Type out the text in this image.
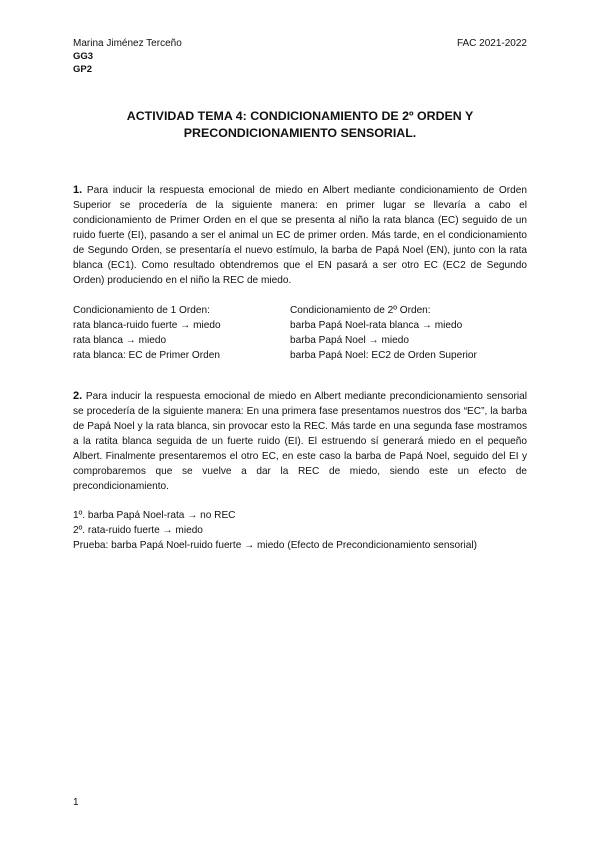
Marina Jiménez Terceño
GG3
GP2
FAC 2021-2022
ACTIVIDAD TEMA 4: CONDICIONAMIENTO DE 2º ORDEN Y
PRECONDICIONAMIENTO SENSORIAL.

1. Para inducir la respuesta emocional de miedo en Albert mediante condicionamiento de Orden Superior se procedería de la siguiente manera: en primer lugar se llevaría a cabo el condicionamiento de Primer Orden en el que se presenta al niño la rata blanca (EC) seguido de un ruido fuerte (EI), pasando a ser el animal un EC de primer orden. Más tarde, en el condicionamiento de Segundo Orden, se presentaría el nuevo estímulo, la barba de Papá Noel (EN), junto con la rata blanca (EC1). Como resultado obtendremos que el EN pasará a ser otro EC (EC2 de Segundo Orden) produciendo en el niño la REC de miedo.

Condicionamiento de 1 Orden:
rata blanca-ruido fuerte → miedo
rata blanca → miedo
rata blanca: EC de Primer Orden
Condicionamiento de 2º Orden:
barba Papá Noel-rata blanca → miedo
barba Papá Noel → miedo
barba Papá Noel: EC2 de Orden Superior

2. Para inducir la respuesta emocional de miedo en Albert mediante precondicionamiento sensorial se procedería de la siguiente manera: En una primera fase presentamos nuestros dos “EC”, la barba de Papá Noel y la rata blanca, sin provocar esto la REC. Más tarde en una segunda fase mostramos a la ratita blanca seguida de un fuerte ruido (EI). El estruendo sí generará miedo en el pequeño Albert. Finalmente presentaremos el otro EC, en este caso la barba de Papá Noel, seguido del EI y comprobaremos que se vuelve a dar la REC de miedo, siendo este un efecto de precondicionamiento.

1º. barba Papá Noel-rata → no REC
2º. rata-ruido fuerte → miedo
Prueba: barba Papá Noel-ruido fuerte → miedo (Efecto de Precondicionamiento sensorial)
1
